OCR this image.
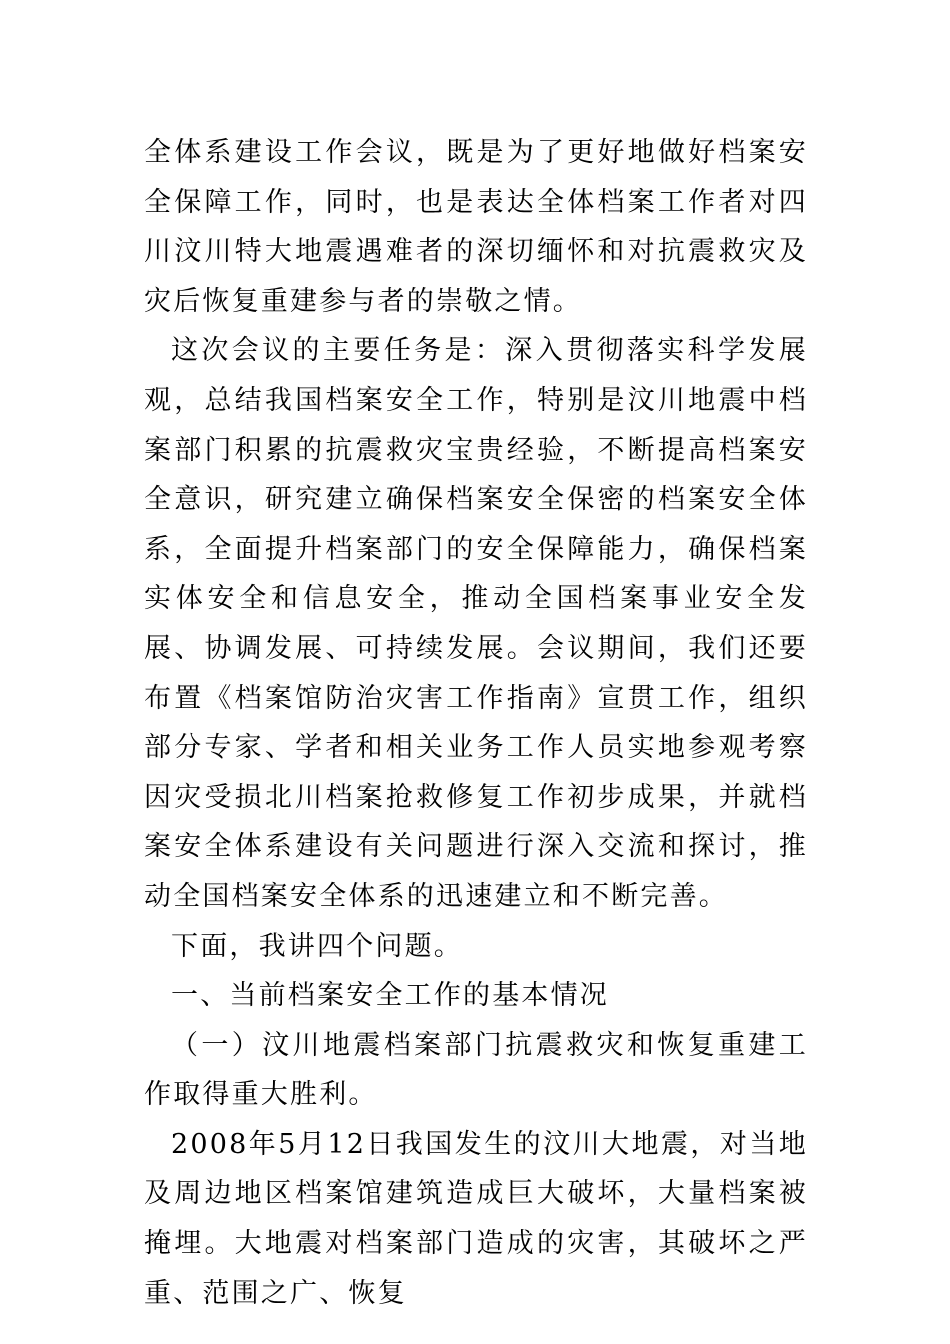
全体系建设工作会议，既是为了更好地做好档案安全保障工作，同时，也是表达全体档案工作者对四川汶川特大地震遇难者的深切缅怀和对抗震救灾及灾后恢复重建参与者的崇敬之情。

这次会议的主要任务是：深入贯彻落实科学发展观，总结我国档案安全工作，特别是汶川地震中档案部门积累的抗震救灾宝贵经验，不断提高档案安全意识，研究建立确保档案安全保密的档案安全体系，全面提升档案部门的安全保障能力，确保档案实体安全和信息安全，推动全国档案事业安全发展、协调发展、可持续发展。会议期间，我们还要布置《档案馆防治灾害工作指南》宣贯工作，组织部分专家、学者和相关业务工作人员实地参观考察因灾受损北川档案抢救修复工作初步成果，并就档案安全体系建设有关问题进行深入交流和探讨，推动全国档案安全体系的迅速建立和不断完善。

下面，我讲四个问题。

一、当前档案安全工作的基本情况

（一）汶川地震档案部门抗震救灾和恢复重建工作取得重大胜利。

2008年5月12日我国发生的汶川大地震，对当地及周边地区档案馆建筑造成巨大破坏，大量档案被掩埋。大地震对档案部门造成的灾害，其破坏之严重、范围之广、恢复
